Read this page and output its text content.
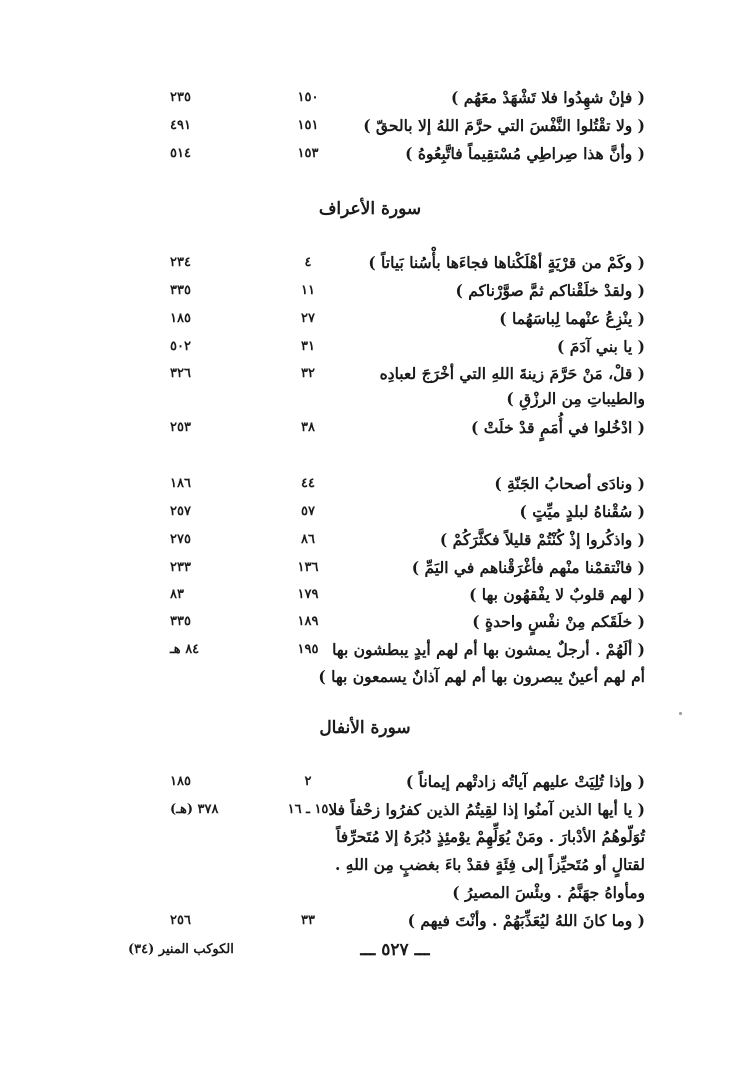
( فإنْ شهِدُوا فلا تَشْهَدْ معَهُم )
١٥٠
٢٣٥
( ولا تقْتُلوا النَّفْسَ التي حرَّمَ اللهُ إلا بالحقّ )
١٥١
٤٩١
( وأنَّ هذا صِراطِي مُسْتقِيماً فاتَّبِعُوهُ )
١٥٣
٥١٤
سورة الأعراف
( وكَمْ من قرْيَةٍ أهْلَكْناها فجاءَها بأْسُنا بَياتاً )
٤
٢٣٤
( ولقدْ خلَقْناكم ثمَّ صوَّرْناكم )
١١
٣٣٥
( ينْزِعُ عنْهما لِباسَهُما )
٢٧
١٨٥
( يا بني آدَمَ )
٣١
٥٠٢
( قلْ، مَنْ حَرَّمَ زينةَ اللهِ التي أخْرَجَ لعبادِه
٣٢
٣٢٦
والطيباتِ مِن الرزْقِ )
( ادْخُلوا في أُمَمٍ قدْ خلَتْ )
٣٨
٢٥٣
( ونادَى أصحابُ الجَنّةِ )
٤٤
١٨٦
( سُقْناهُ لبلدٍ ميِّتٍ )
٥٧
٢٥٧
( واذكُروا إذْ كُنْتُمْ قليلاً فكثَّرَكُمْ )
٨٦
٢٧٥
( فانْتقمْنا منْهم فأغْرَقْناهم في اليَمِّ )
١٣٦
٢٣٣
( لهم قلوبٌ لا يفْقهُون بها )
١٧٩
٨٣
( خلَقَكم مِنْ نفْسٍ واحدةٍ )
١٨٩
٣٣٥
( ألَهُمْ . أرجلٌ يمشون بها أم لهم أيدٍ يبطشون بها
١٩٥
٨٤ هـ
أم لهم أعينٌ يبصرون بها أم لهم آذانٌ يسمعون بها )
سورة الأنفال
( وإذا تُلِيَتْ عليهم آياتُه زادتْهم إيماناً )
٢
١٨٥
( يا أيها الذين آمنُوا إذا لقِيتُمُ الذين كفرُوا زحْفاً فلا
١٥ ـ ١٦
٣٧٨ (هـ)
تُوَلّوهُمُ الأدْبارَ . ومَنْ يُوَلِّهِمْ يوْمئِذٍ دُبُرَهُ إلا مُتَحرِّفاً
لقتالٍ أو مُتَحيِّزاً إلى فِئَةٍ فقدْ باءَ بغضبٍ مِن اللهِ .
ومأواهُ جهَنَّمُ . وبئْسَ المصيرُ )
( وما كانَ اللهُ ليُعَذِّبَهُمْ . وأنْتَ فيهم )
٣٣
٢٥٦
ـــ ٥٢٧ ـــ
الكوكب المنير (٣٤)
